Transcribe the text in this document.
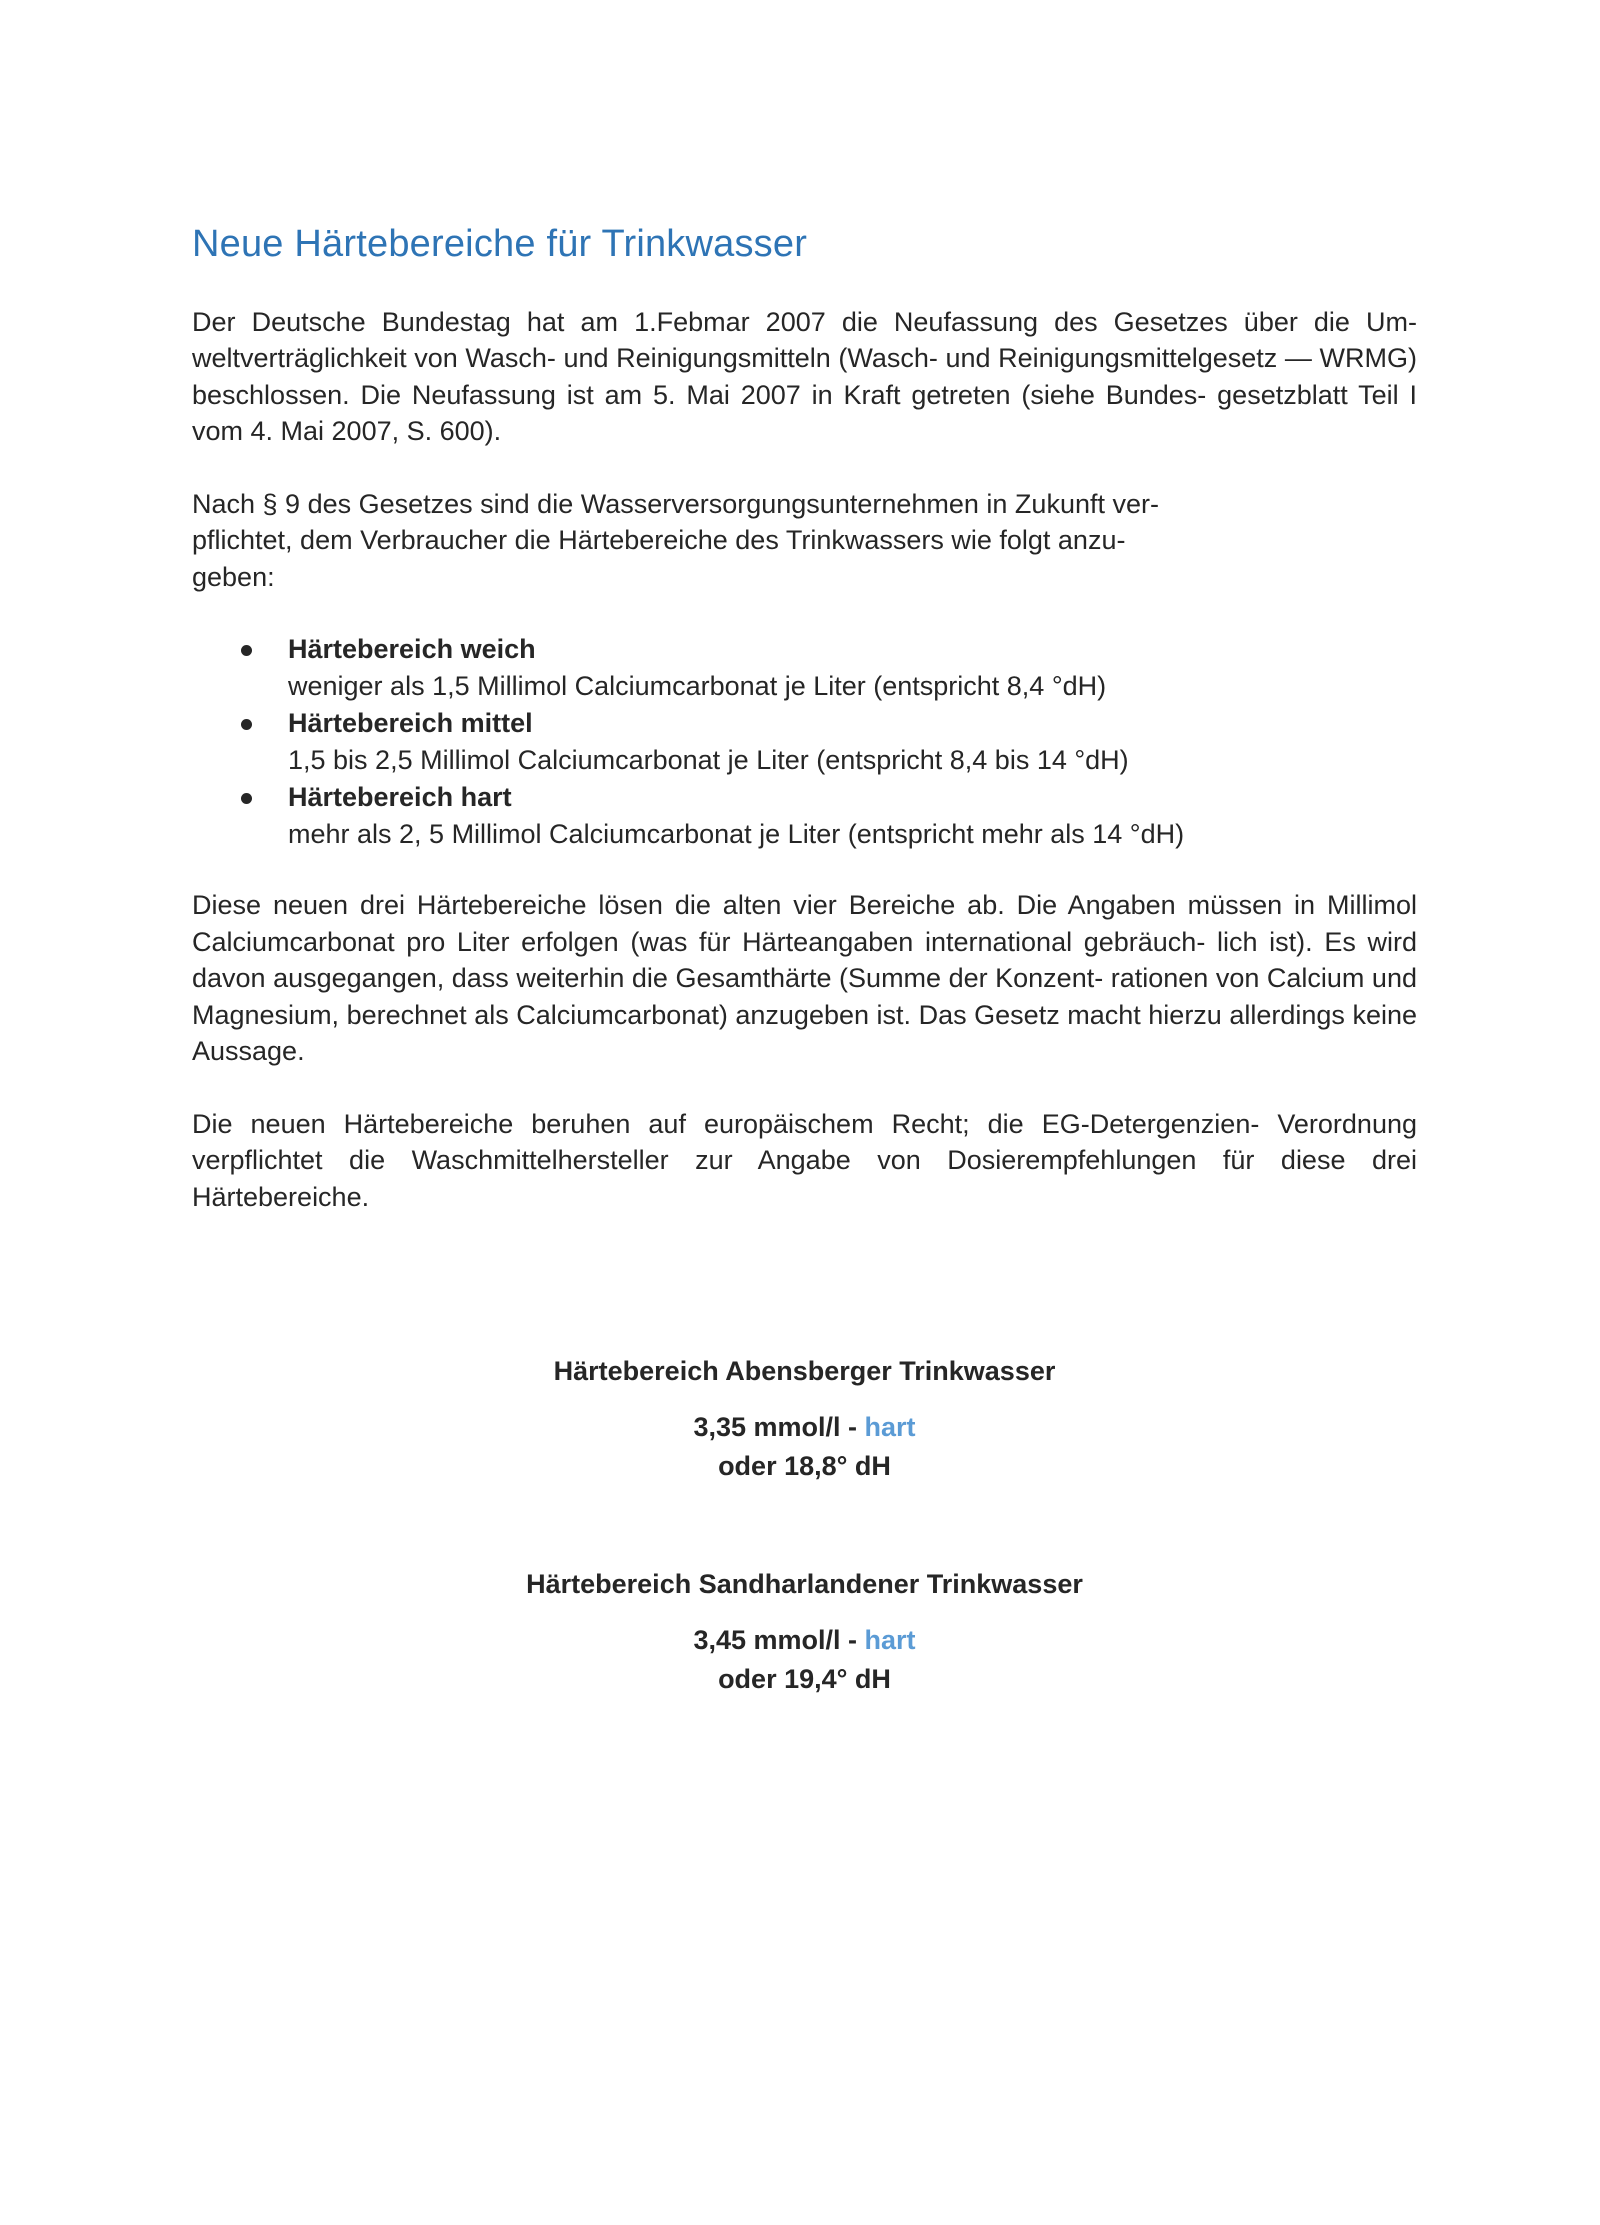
Neue Härtebereiche für Trinkwasser

Der Deutsche Bundestag hat am 1.Febmar 2007 die Neufassung des Gesetzes über die Um- weltverträglichkeit von Wasch- und Reinigungsmitteln (Wasch- und Reinigungsmittelgesetz — WRMG) beschlossen. Die Neufassung ist am 5. Mai 2007 in Kraft getreten (siehe Bundes- gesetzblatt Teil I vom 4. Mai 2007, S. 600).

Nach § 9 des Gesetzes sind die Wasserversorgungsunternehmen in Zukunft ver-
pflichtet, dem Verbraucher die Härtebereiche des Trinkwassers wie folgt anzu-
geben:

Härtebereich weich
weniger als 1,5 Millimol Calciumcarbonat je Liter (entspricht 8,4 °dH)
Härtebereich mittel
1,5 bis 2,5 Millimol Calciumcarbonat je Liter (entspricht 8,4 bis 14 °dH)
Härtebereich hart
mehr als 2, 5 Millimol Calciumcarbonat je Liter (entspricht mehr als 14 °dH)

Diese neuen drei Härtebereiche lösen die alten vier Bereiche ab. Die Angaben müssen in Millimol Calciumcarbonat pro Liter erfolgen (was für Härteangaben international gebräuch- lich ist). Es wird davon ausgegangen, dass weiterhin die Gesamthärte (Summe der Konzent- rationen von Calcium und Magnesium, berechnet als Calciumcarbonat) anzugeben ist. Das Gesetz macht hierzu allerdings keine Aussage.

Die neuen Härtebereiche beruhen auf europäischem Recht; die EG-Detergenzien- Verordnung verpflichtet die Waschmittelhersteller zur Angabe von Dosierempfehlungen für diese drei Härtebereiche.

Härtebereich Abensberger Trinkwasser
3,35 mmol/l - hart
oder 18,8° dH
Härtebereich Sandharlandener Trinkwasser
3,45 mmol/l - hart
oder 19,4° dH
